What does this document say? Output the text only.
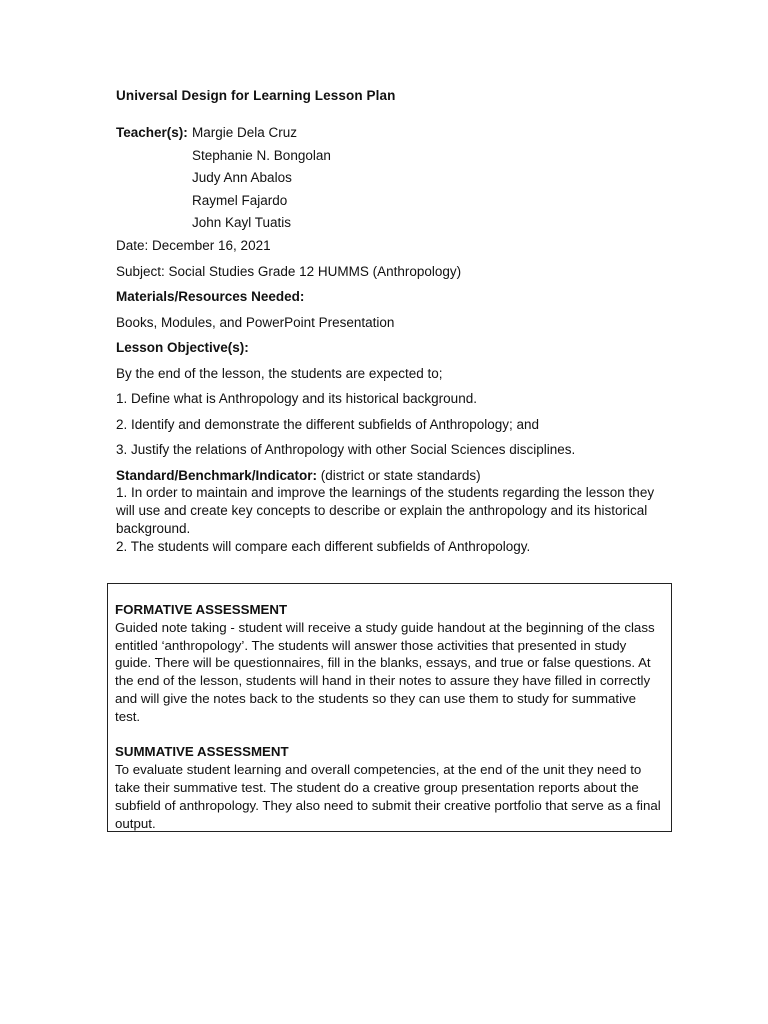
Universal Design for Learning Lesson Plan
Teacher(s): Margie Dela Cruz
Stephanie N. Bongolan
Judy Ann Abalos
Raymel Fajardo
John Kayl Tuatis
Date: December 16, 2021
Subject: Social Studies Grade 12 HUMMS (Anthropology)
Materials/Resources Needed:
Books, Modules, and PowerPoint Presentation
Lesson Objective(s):
By the end of the lesson, the students are expected to;
1. Define what is Anthropology and its historical background.
2. Identify and demonstrate the different subfields of Anthropology; and
3. Justify the relations of Anthropology with other Social Sciences disciplines.

Standard/Benchmark/Indicator: (district or state standards)

1. In order to maintain and improve the learnings of the students regarding the lesson they will use and create key concepts to describe or explain the anthropology and its historical background.

2. The students will compare each different subfields of Anthropology.

FORMATIVE ASSESSMENT

Guided note taking - student will receive a study guide handout at the beginning of the class entitled ‘anthropology’. The students will answer those activities that presented in study guide. There will be questionnaires, fill in the blanks, essays, and true or false questions. At the end of the lesson, students will hand in their notes to assure they have filled in correctly and will give the notes back to the students so they can use them to study for summative test.

SUMMATIVE ASSESSMENT

To evaluate student learning and overall competencies, at the end of the unit they need to take their summative test. The student do a creative group presentation reports about the subfield of anthropology. They also need to submit their creative portfolio that serve as a final output.
